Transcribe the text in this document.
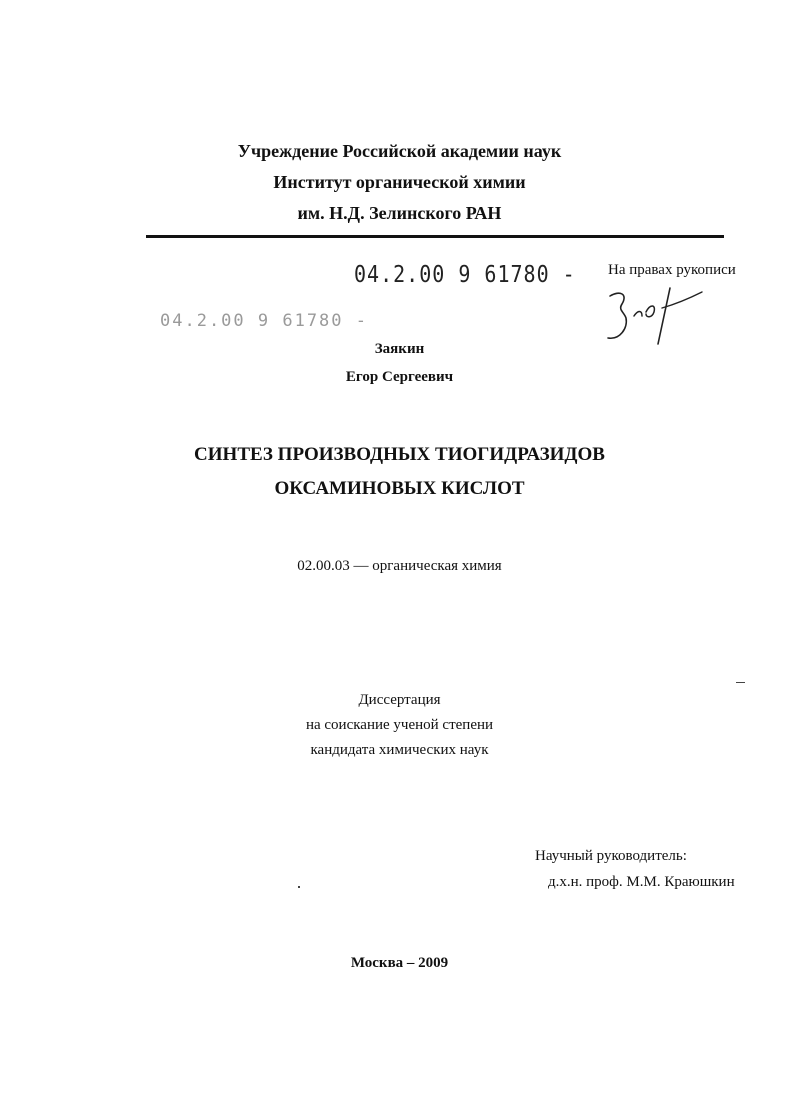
Учреждение Российской академии наук
Институт органической химии
им. Н.Д. Зелинского РАН
04.2.00 9 61780 -
04.2.00 9 61780 -
На правах рукописи
Заякин
Егор Сергеевич
СИНТЕЗ ПРОИЗВОДНЫХ ТИОГИДРАЗИДОВ
ОКСАМИНОВЫХ КИСЛОТ
02.00.03 — органическая химия
Диссертация
на соискание ученой степени
кандидата химических наук
Научный руководитель:
д.х.н. проф. М.М. Краюшкин
Москва – 2009
